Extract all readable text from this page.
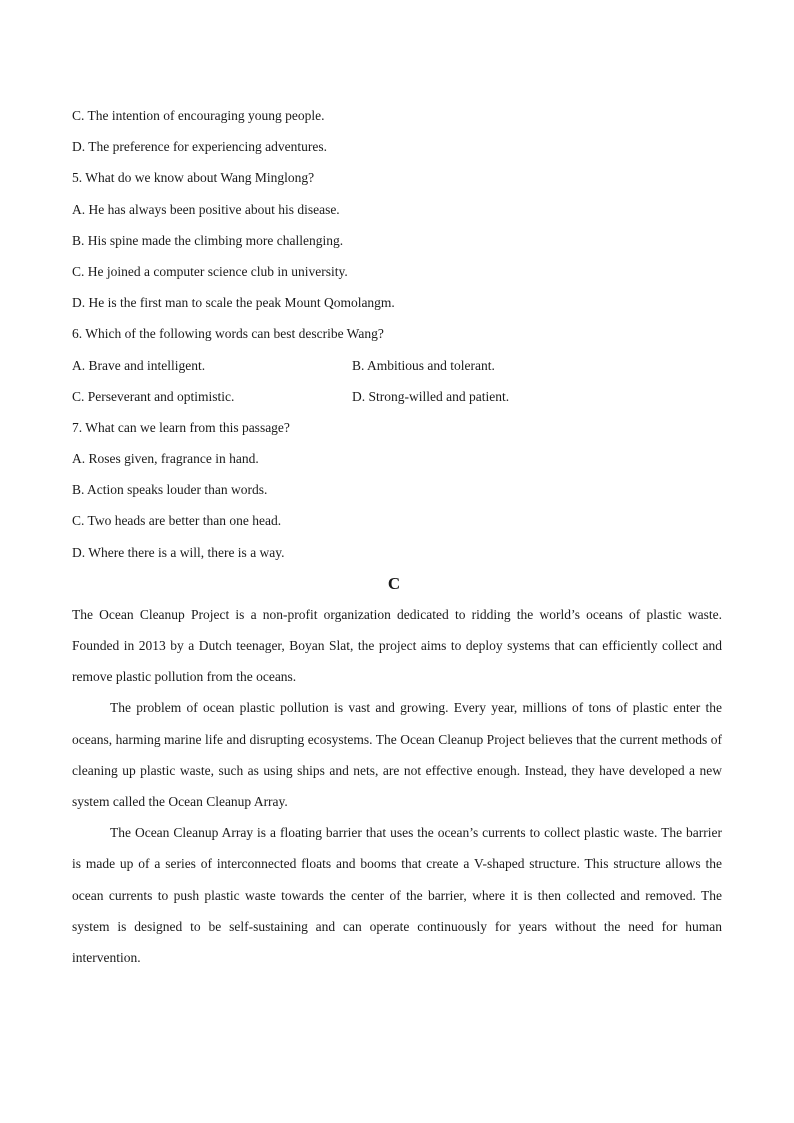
C. The intention of encouraging young people.
D. The preference for experiencing adventures.
5. What do we know about Wang Minglong?
A. He has always been positive about his disease.
B. His spine made the climbing more challenging.
C. He joined a computer science club in university.
D. He is the first man to scale the peak Mount Qomolangm.
6. Which of the following words can best describe Wang?
A. Brave and intelligent.	B. Ambitious and tolerant.
C. Perseverant and optimistic.	D. Strong-willed and patient.
7. What can we learn from this passage?
A. Roses given, fragrance in hand.
B. Action speaks louder than words.
C. Two heads are better than one head.
D. Where there is a will, there is a way.
C

The Ocean Cleanup Project is a non-profit organization dedicated to ridding the world’s oceans of plastic waste. Founded in 2013 by a Dutch teenager, Boyan Slat, the project aims to deploy systems that can efficiently collect and remove plastic pollution from the oceans.

The problem of ocean plastic pollution is vast and growing. Every year, millions of tons of plastic enter the oceans, harming marine life and disrupting ecosystems. The Ocean Cleanup Project believes that the current methods of cleaning up plastic waste, such as using ships and nets, are not effective enough. Instead, they have developed a new system called the Ocean Cleanup Array.

The Ocean Cleanup Array is a floating barrier that uses the ocean’s currents to collect plastic waste. The barrier is made up of a series of interconnected floats and booms that create a V-shaped structure. This structure allows the ocean currents to push plastic waste towards the center of the barrier, where it is then collected and removed. The system is designed to be self-sustaining and can operate continuously for years without the need for human intervention.
